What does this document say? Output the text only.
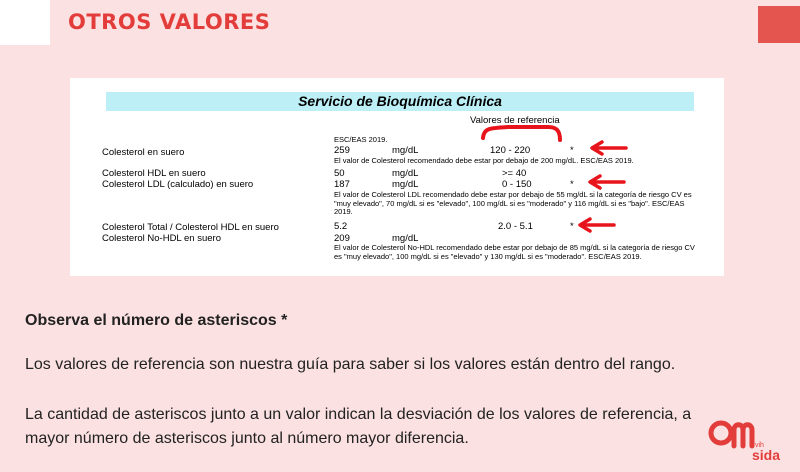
OTROS VALORES
Servicio de Bioquímica Clínica
Valores de referencia
ESC/EAS 2019.
Colesterol en suero	259	mg/dL	120 - 220	*
El valor de Colesterol recomendado debe estar por debajo de 200 mg/dL. ESC/EAS 2019.
Colesterol HDL en suero	50	mg/dL	>= 40
Colesterol LDL (calculado) en suero	187	mg/dL	0 - 150	*
El valor de Colesterol LDL recomendado debe estar por debajo de 55 mg/dL si la categoría de riesgo CV es "muy elevado", 70 mg/dL si es "elevado", 100 mg/dL si es "moderado" y 116 mg/dL si es "bajo". ESC/EAS 2019.
Colesterol Total / Colesterol HDL en suero	5.2	2.0 - 5.1	*
Colesterol No-HDL en suero	209	mg/dL
El valor de Colesterol No-HDL recomendado debe estar por debajo de 85 mg/dL si la categoría de riesgo CV es "muy elevado", 100 mg/dL si es "elevado" y 130 mg/dL si es "moderado". ESC/EAS 2019.
Observa el número de asteriscos *
Los valores de referencia son nuestra guía para saber si los valores están dentro del rango.
La cantidad de asteriscos junto a un valor indican la desviación de los valores de referencia, a mayor número de asteriscos junto al número mayor diferencia.	vih
sida
